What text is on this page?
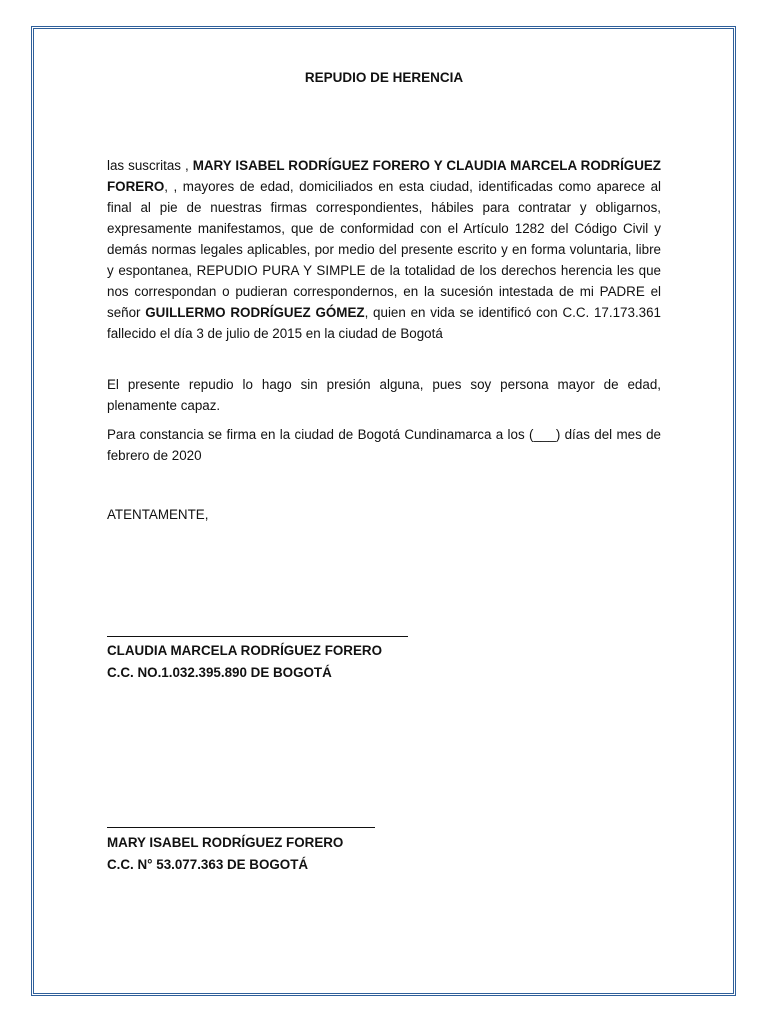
REPUDIO DE HERENCIA

las suscritas , MARY ISABEL RODRÍGUEZ FORERO Y CLAUDIA MARCELA RODRÍGUEZ FORERO, , mayores de edad, domiciliados en esta ciudad, identificadas como aparece al final al pie de nuestras firmas correspondientes, hábiles para contratar y obligarnos, expresamente manifestamos, que de conformidad con el Artículo 1282 del Código Civil y demás normas legales aplicables, por medio del presente escrito y en forma voluntaria, libre y espontanea, REPUDIO PURA Y SIMPLE de la totalidad de los derechos herencia les que nos correspondan o pudieran correspondernos, en la sucesión intestada de mi PADRE el señor GUILLERMO RODRÍGUEZ GÓMEZ, quien en vida se identificó con C.C. 17.173.361 fallecido el día 3 de julio de 2015 en la ciudad de Bogotá

El presente repudio lo hago sin presión alguna, pues soy persona mayor de edad, plenamente capaz.

Para constancia se firma en la ciudad de Bogotá Cundinamarca a los (___) días del mes de febrero de 2020

ATENTAMENTE,

CLAUDIA MARCELA RODRÍGUEZ FORERO
C.C. NO.1.032.395.890 DE BOGOTÁ
MARY ISABEL RODRÍGUEZ FORERO
C.C. N° 53.077.363 DE BOGOTÁ
